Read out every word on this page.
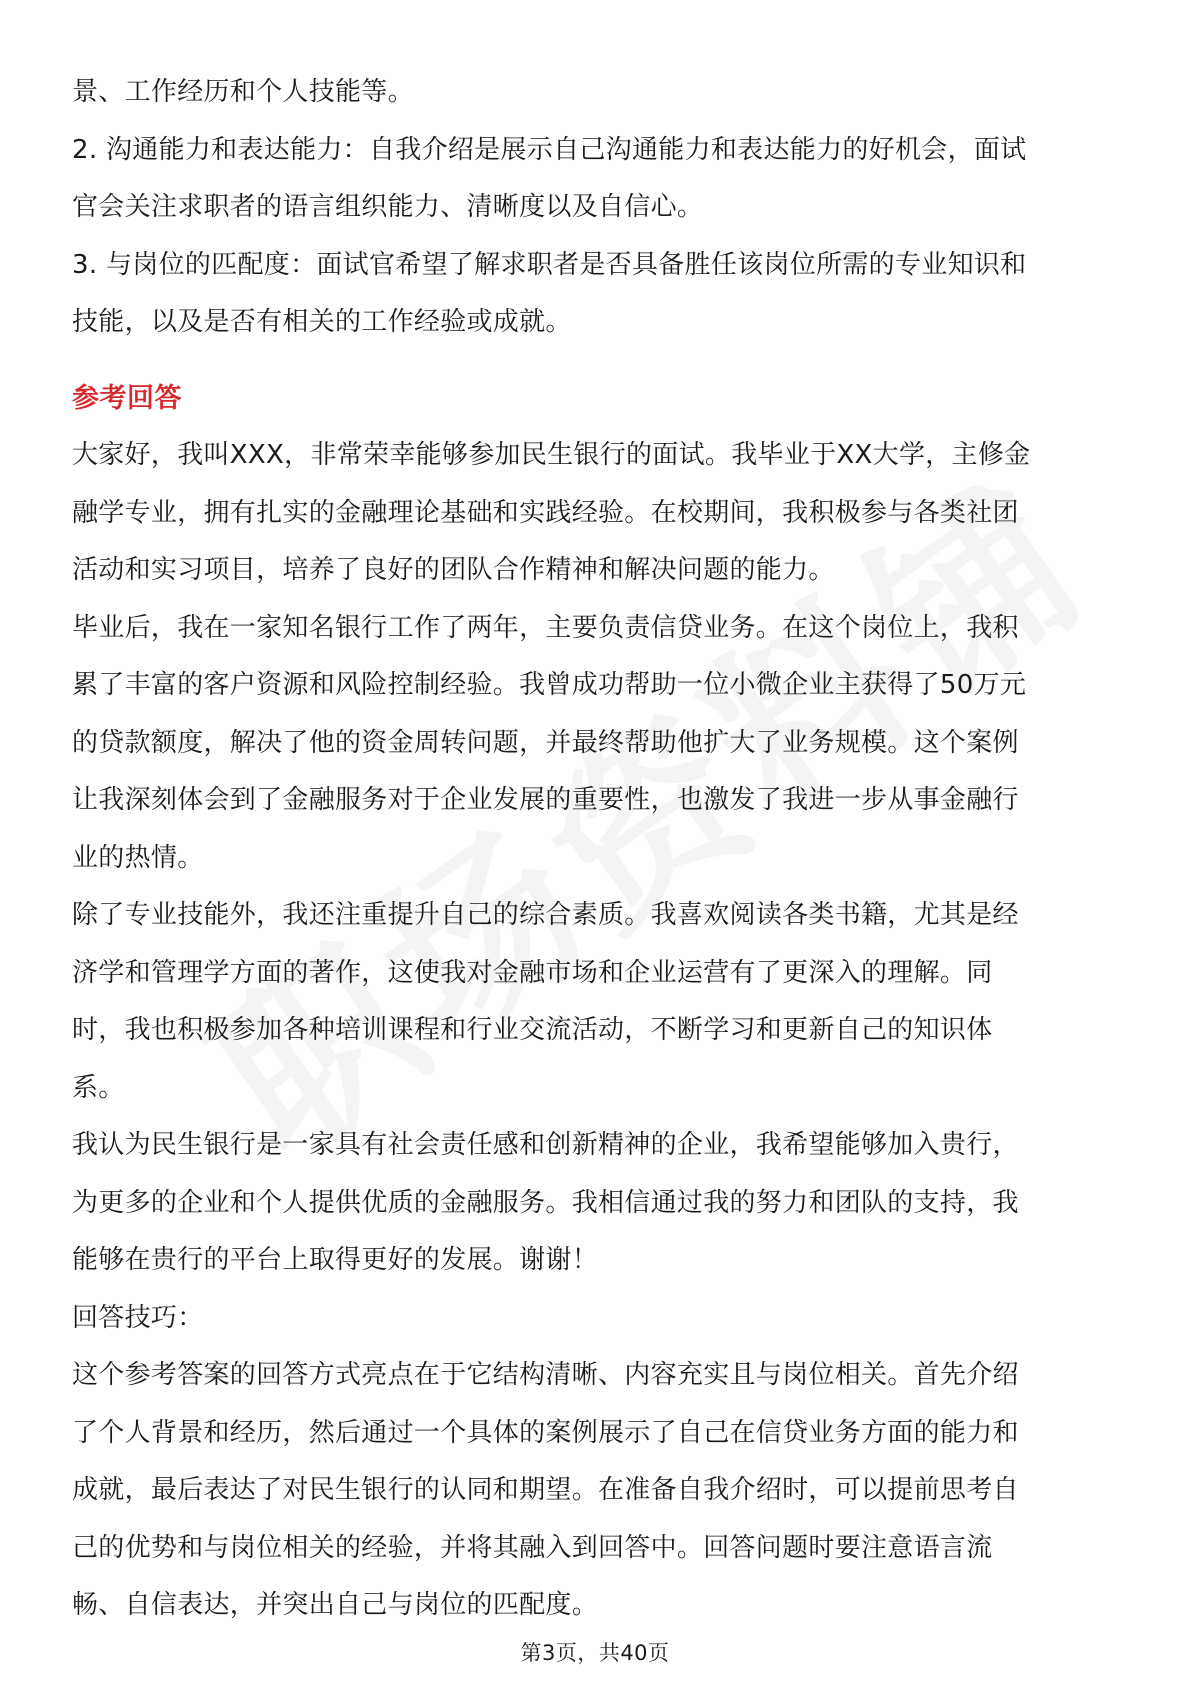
景、工作经历和个人技能等。

2. 沟通能力和表达能力：自我介绍是展示自己沟通能力和表达能力的好机会，面试

官会关注求职者的语言组织能力、清晰度以及自信心。

3. 与岗位的匹配度：面试官希望了解求职者是否具备胜任该岗位所需的专业知识和

技能，以及是否有相关的工作经验或成就。

参考回答

大家好，我叫XXX，非常荣幸能够参加民生银行的面试。我毕业于XX大学，主修金

融学专业，拥有扎实的金融理论基础和实践经验。在校期间，我积极参与各类社团

活动和实习项目，培养了良好的团队合作精神和解决问题的能力。

毕业后，我在一家知名银行工作了两年，主要负责信贷业务。在这个岗位上，我积

累了丰富的客户资源和风险控制经验。我曾成功帮助一位小微企业主获得了50万元

的贷款额度，解决了他的资金周转问题，并最终帮助他扩大了业务规模。这个案例

让我深刻体会到了金融服务对于企业发展的重要性，也激发了我进一步从事金融行

业的热情。

除了专业技能外，我还注重提升自己的综合素质。我喜欢阅读各类书籍，尤其是经

济学和管理学方面的著作，这使我对金融市场和企业运营有了更深入的理解。同

时，我也积极参加各种培训课程和行业交流活动，不断学习和更新自己的知识体

系。

我认为民生银行是一家具有社会责任感和创新精神的企业，我希望能够加入贵行，

为更多的企业和个人提供优质的金融服务。我相信通过我的努力和团队的支持，我

能够在贵行的平台上取得更好的发展。谢谢！

回答技巧：

这个参考答案的回答方式亮点在于它结构清晰、内容充实且与岗位相关。首先介绍

了个人背景和经历，然后通过一个具体的案例展示了自己在信贷业务方面的能力和

成就，最后表达了对民生银行的认同和期望。在准备自我介绍时，可以提前思考自

己的优势和与岗位相关的经验，并将其融入到回答中。回答问题时要注意语言流

畅、自信表达，并突出自己与岗位的匹配度。

第3页，共40页
